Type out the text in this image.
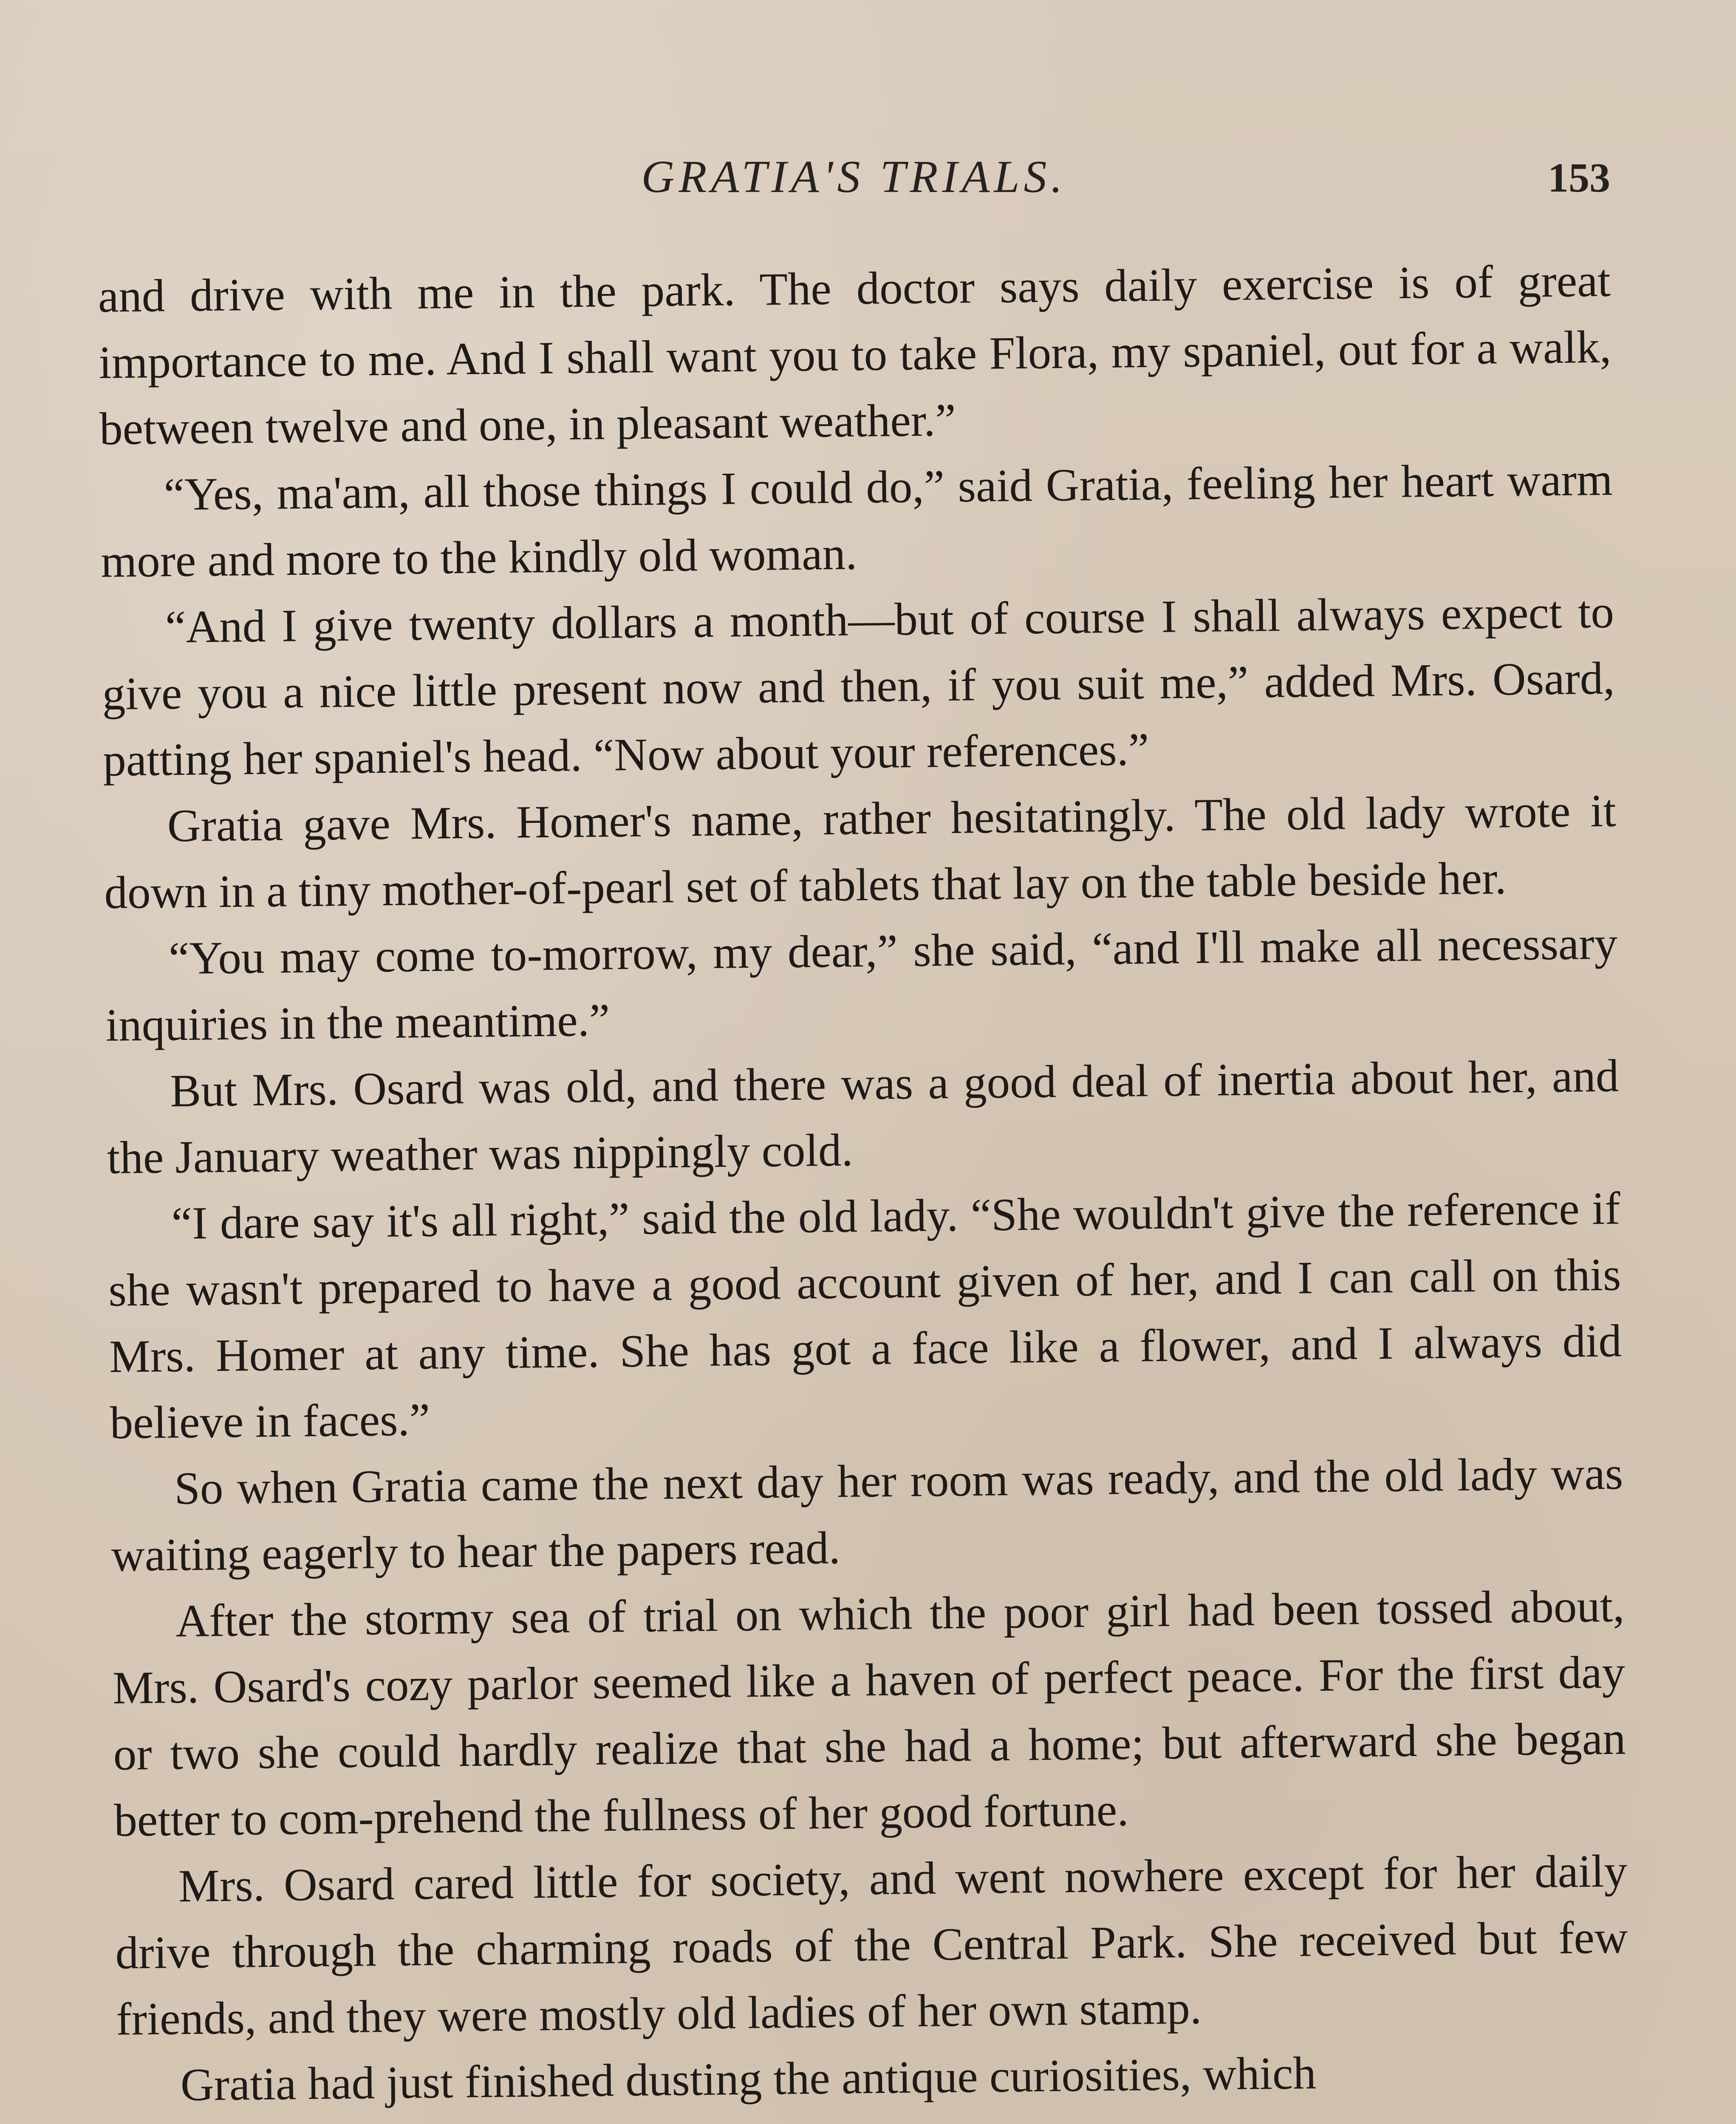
GRATIA'S TRIALS.	153

and drive with me in the park. The doctor says daily exercise is of great importance to me. And I shall want you to take Flora, my spaniel, out for a walk, between twelve and one, in pleasant weather.”

“Yes, ma'am, all those things I could do,” said Gratia, feeling her heart warm more and more to the kindly old woman.

“And I give twenty dollars a month—but of course I shall always expect to give you a nice little present now and then, if you suit me,” added Mrs. Osard, patting her spaniel's head. “Now about your references.”

Gratia gave Mrs. Homer's name, rather hesitatingly. The old lady wrote it down in a tiny mother-of-pearl set of tablets that lay on the table beside her.

“You may come to-morrow, my dear,” she said, “and I'll make all necessary inquiries in the meantime.”

But Mrs. Osard was old, and there was a good deal of inertia about her, and the January weather was nippingly cold.

“I dare say it's all right,” said the old lady. “She wouldn't give the reference if she wasn't prepared to have a good account given of her, and I can call on this Mrs. Homer at any time. She has got a face like a flower, and I always did believe in faces.”

So when Gratia came the next day her room was ready, and the old lady was waiting eagerly to hear the papers read.

After the stormy sea of trial on which the poor girl had been tossed about, Mrs. Osard's cozy parlor seemed like a haven of perfect peace. For the first day or two she could hardly realize that she had a home; but afterward she began better to com-prehend the fullness of her good fortune.

Mrs. Osard cared little for society, and went nowhere except for her daily drive through the charming roads of the Central Park. She received but few friends, and they were mostly old ladies of her own stamp.

Gratia had just finished dusting the antique curiosities, which
